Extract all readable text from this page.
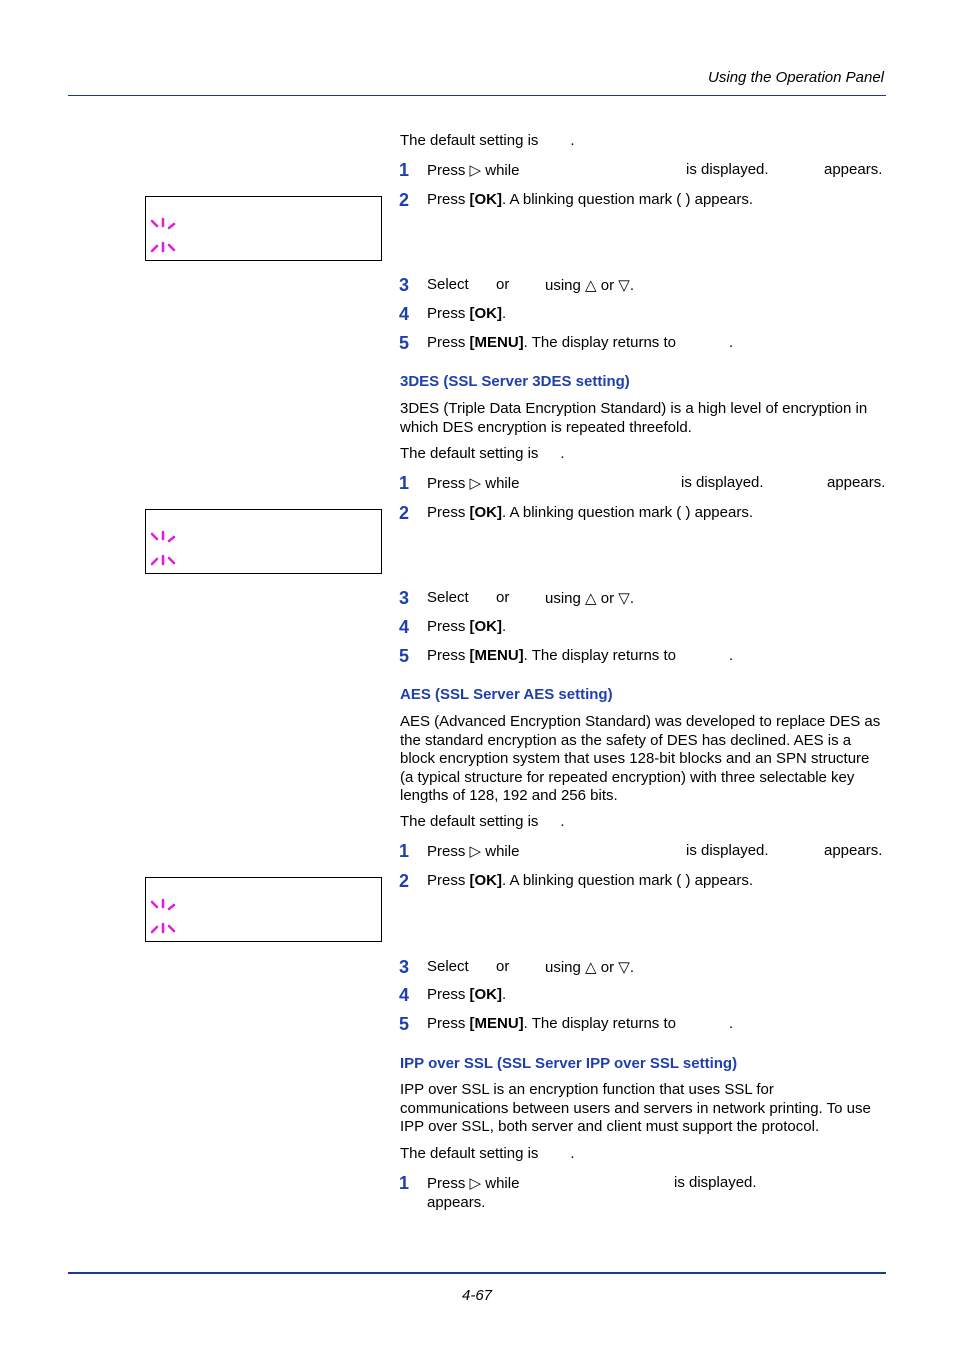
Using the Operation Panel
The default setting is .
1 Press ▷ while	is displayed.	appears.
2 Press [OK]. A blinking question mark ( ) appears.
3 Select or using △ or ▽.
4 Press [OK].
5 Press [MENU]. The display returns to	.
3DES (SSL Server 3DES setting)
3DES (Triple Data Encryption Standard) is a high level of encryption in which DES encryption is repeated threefold.
The default setting is .
1 Press ▷ while	is displayed.	appears.
2 Press [OK]. A blinking question mark ( ) appears.
3 Select or using △ or ▽.
4 Press [OK].
5 Press [MENU]. The display returns to	.
AES (SSL Server AES setting)
AES (Advanced Encryption Standard) was developed to replace DES as the standard encryption as the safety of DES has declined. AES is a block encryption system that uses 128-bit blocks and an SPN structure (a typical structure for repeated encryption) with three selectable key lengths of 128, 192 and 256 bits.
The default setting is .
1 Press ▷ while	is displayed.	appears.
2 Press [OK]. A blinking question mark ( ) appears.
3 Select or using △ or ▽.
4 Press [OK].
5 Press [MENU]. The display returns to	.
IPP over SSL (SSL Server IPP over SSL setting)
IPP over SSL is an encryption function that uses SSL for communications between users and servers in network printing. To use IPP over SSL, both server and client must support the protocol.
The default setting is .
1 Press ▷ while	is displayed.
appears.
4-67
